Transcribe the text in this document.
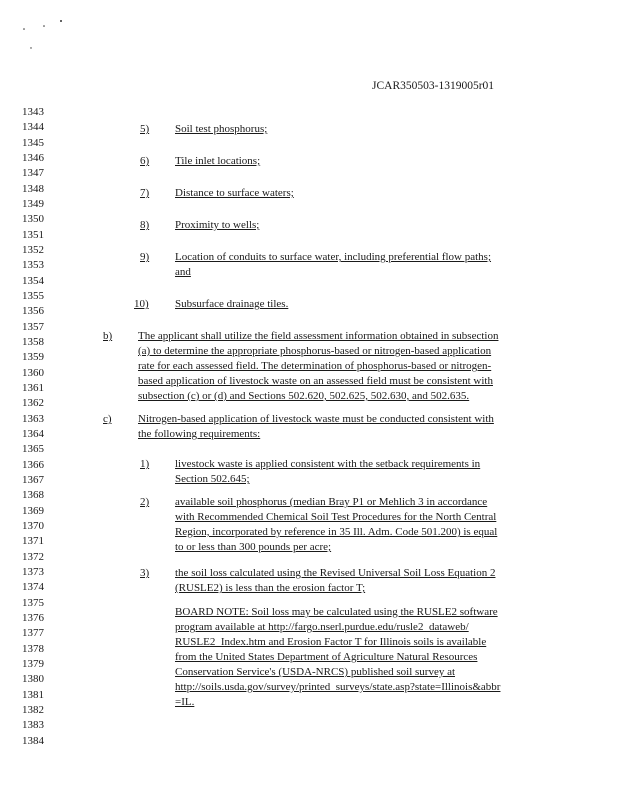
JCAR350503-1319005r01
1343
1344
1345
1346
1347
1348
1349
1350
1351
1352
1353
1354
1355
1356
1357
1358
1359
1360
1361
1362
1363
1364
1365
1366
1367
1368
1369
1370
1371
1372
1373
1374
1375
1376
1377
1378
1379
1380
1381
1382
1383
1384
5) Soil test phosphorus;
6) Tile inlet locations;
7) Distance to surface waters;
8) Proximity to wells;
9) Location of conduits to surface water, including preferential flow paths;
and
10) Subsurface drainage tiles.
b) The applicant shall utilize the field assessment information obtained in subsection
(a) to determine the appropriate phosphorus-based or nitrogen-based application
rate for each assessed field. The determination of phosphorus-based or nitrogen-
based application of livestock waste on an assessed field must be consistent with
subsection (c) or (d) and Sections 502.620, 502.625, 502.630, and 502.635.
c) Nitrogen-based application of livestock waste must be conducted consistent with
the following requirements:
1) livestock waste is applied consistent with the setback requirements in
Section 502.645;
2) available soil phosphorus (median Bray P1 or Mehlich 3 in accordance
with Recommended Chemical Soil Test Procedures for the North Central
Region, incorporated by reference in 35 Ill. Adm. Code 501.200) is equal
to or less than 300 pounds per acre;
3) the soil loss calculated using the Revised Universal Soil Loss Equation 2
(RUSLE2) is less than the erosion factor T;
BOARD NOTE: Soil loss may be calculated using the RUSLE2 software
program available at http://fargo.nserl.purdue.edu/rusle2_dataweb/
RUSLE2_Index.htm and Erosion Factor T for Illinois soils is available
from the United States Department of Agriculture Natural Resources
Conservation Service's (USDA-NRCS) published soil survey at
http://soils.usda.gov/survey/printed_surveys/state.asp?state=Illinois&abbr
=IL.
